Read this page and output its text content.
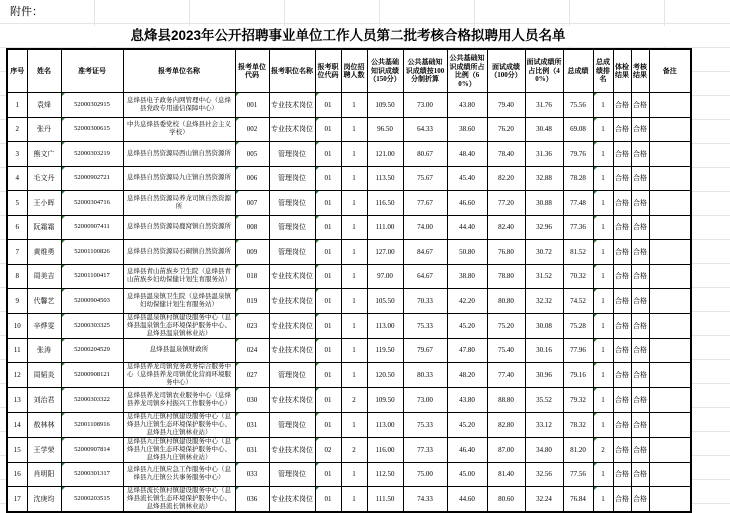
附件：
息烽县2023年公开招聘事业单位工作人员第二批考核合格拟聘用人员名单
序号	姓名	准考证号	报考单位名称	报考单位代码	报考职位名称	报考职位代码	岗位招聘人数	公共基础知识成绩（150分）	公共基础知识成绩按100分制折算	公共基础知识成绩所占比例（60%）	面试成绩（100分）	面试成绩所占比例（40%）	总成绩	总成绩排名	体检结果	考核结果	备注
1	袁烽	52000302915	息烽县电子政务内网管理中心（息烽县党政专用通信保障中心）	001	专业技术岗位	01	1	109.50	73.00	43.80	79.40	31.76	75.56	1	合格	合格	
2	张丹	52000300615	中共息烽县委党校（息烽县社会主义学校）	002	专业技术岗位	01	1	96.50	64.33	38.60	76.20	30.48	69.08	1	合格	合格	
3	熊文广	52000303219	息烽县自然资源局西山镇自然资源所	005	管理岗位	01	1	121.00	80.67	48.40	78.40	31.36	79.76	1	合格	合格	
4	毛文丹	52000902721	息烽县自然资源局九庄镇自然资源所	006	管理岗位	01	1	113.50	75.67	45.40	82.20	32.88	78.28	1	合格	合格	
5	王小晖	52000304716	息烽县自然资源局养龙司镇自然资源所	007	管理岗位	01	1	116.50	77.67	46.60	77.20	30.88	77.48	1	合格	合格	
6	阮霜霜	52000907411	息烽县自然资源局鹿窝镇自然资源所	008	管理岗位	01	1	111.00	74.00	44.40	82.40	32.96	77.36	1	合格	合格	
7	黄维勇	52001100826	息烽县自然资源局石硐镇自然资源所	009	管理岗位	01	1	127.00	84.67	50.80	76.80	30.72	81.52	1	合格	合格	
8	周美吉	52001100417	息烽县青山苗族乡卫生院（息烽县青山苗族乡妇幼保健计划生育服务站）	018	专业技术岗位	01	1	97.00	64.67	38.80	78.80	31.52	70.32	1	合格	合格	
9	代馨艺	52000904503	息烽县温泉镇卫生院（息烽县温泉镇妇幼保健计划生育服务站）	019	专业技术岗位	01	1	105.50	70.33	42.20	80.80	32.32	74.52	1	合格	合格	
10	辛烨雯	52000303325	息烽县温泉镇村镇建设服务中心（息烽县温泉镇生态环境保护服务中心、息烽县温泉镇林业站）	023	专业技术岗位	01	1	113.00	75.33	45.20	75.20	30.08	75.28	1	合格	合格	
11	张涛	52000204529	息烽县温泉镇财政所	024	专业技术岗位	01	1	119.50	79.67	47.80	75.40	30.16	77.96	1	合格	合格	
12	周韬炎	52000908121	息烽县养龙司镇党务政务综合服务中心（息烽县养龙司镇优化营商环境服务中心）	027	管理岗位	01	1	120.50	80.33	48.20	77.40	30.96	79.16	1	合格	合格	
13	刘治君	52000303322	息烽县养龙司镇农业服务中心（息烽县养龙司镇乡村振兴工作服务中心）	030	专业技术岗位	01	2	109.50	73.00	43.80	88.80	35.52	79.32	1	合格	合格	
14	敖林林	52001108916	息烽县九庄镇村镇建设服务中心（息烽县九庄镇生态环境保护服务中心、息烽县九庄镇林业站）	031	管理岗位	01	1	113.00	75.33	45.20	82.80	33.12	78.32	1	合格	合格	
15	王学荣	52000907814	息烽县九庄镇村镇建设服务中心（息烽县九庄镇生态环境保护服务中心、息烽县九庄镇林业站）	031	专业技术岗位	02	2	116.00	77.33	46.40	87.00	34.80	81.20	2	合格	合格	
16	肖明阳	52000301317	息烽县九庄镇应急工作服务中心（息烽县九庄镇公共事务服务中心）	033	管理岗位	01	1	112.50	75.00	45.00	81.40	32.56	77.56	1	合格	合格	
17	沈庚均	52000203515	息烽县流长镇村镇建设服务中心（息烽县流长镇生态环境保护服务中心、息烽县流长镇林业站）	036	专业技术岗位	01	1	111.50	74.33	44.60	80.60	32.24	76.84	1	合格	合格	
